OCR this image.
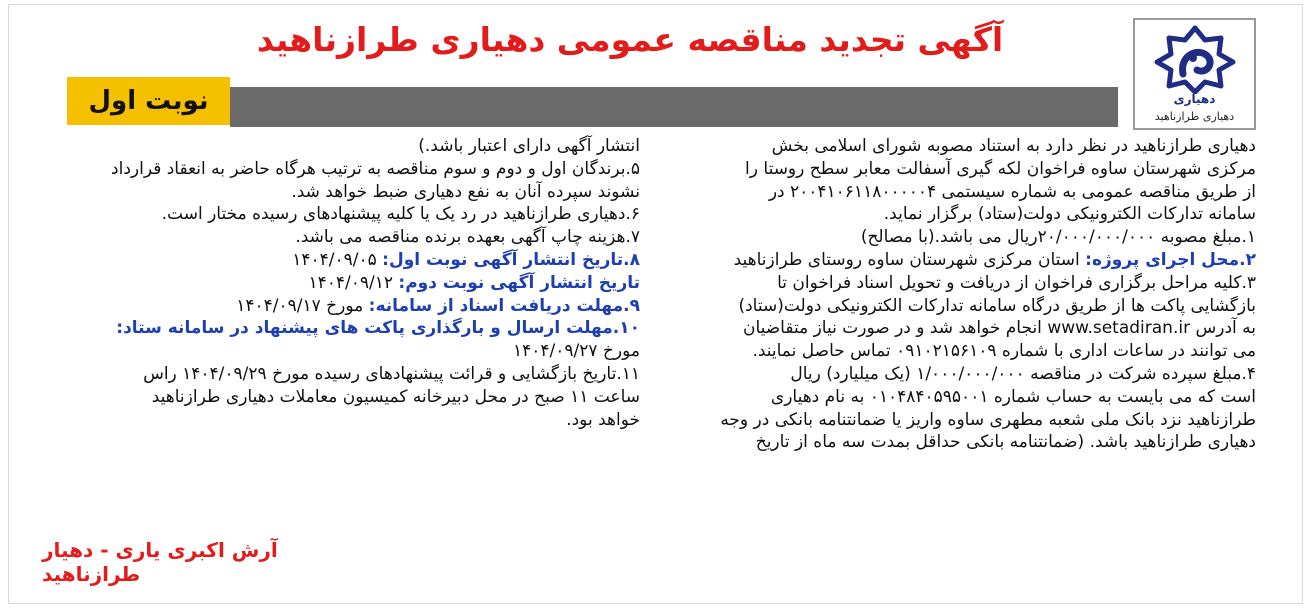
دهیاری
دهیاری طرازناهید
آگهی تجدید مناقصه عمومی دهیاری طرازناهید
نوبت اول
دهیاری طرازناهید در نظر دارد به استناد مصوبه شورای اسلامی بخش
مرکزی شهرستان ساوه فراخوان لکه گیری آسفالت معابر سطح روستا را
از طریق مناقصه عمومی به شماره سیستمی ۲۰۰۴۱۰۶۱۱۸۰۰۰۰۰۴ در
سامانه تدارکات الکترونیکی دولت(ستاد) برگزار نماید.
۱.مبلغ مصوبه ۲۰/۰۰۰/۰۰۰/۰۰۰ریال می باشد.(با مصالح)
۲.محل اجرای پروژه: استان مرکزی شهرستان ساوه روستای طرازناهید
۳.کلیه مراحل برگزاری فراخوان از دریافت و تحویل اسناد فراخوان تا
بازگشایی پاکت ها از طریق درگاه سامانه تدارکات الکترونیکی دولت(ستاد)
به آدرس www.setadiran.ir انجام خواهد شد و در صورت نیاز متقاضیان
می توانند در ساعات اداری با شماره ۰۹۱۰۲۱۵۶۱۰۹ تماس حاصل نمایند.
۴.مبلغ سپرده شرکت در مناقصه ۱/۰۰۰/۰۰۰/۰۰۰ (یک میلیارد) ریال
است که می بایست به حساب شماره ۰۱۰۴۸۴۰۵۹۵۰۰۱ به نام دهیاری
طرازناهید نزد بانک ملی شعبه مطهری ساوه واریز یا ضمانتنامه بانکی در وجه
دهیاری طرازناهید باشد. (ضمانتنامه بانکی حداقل بمدت سه ماه از تاریخ
انتشار آگهی دارای اعتبار باشد.)
۵.برندگان اول و دوم و سوم مناقصه به ترتیب هرگاه حاضر به انعقاد قرارداد
نشوند سپرده آنان به نفع دهیاری ضبط خواهد شد.
۶.دهیاری طرازناهید در رد یک یا کلیه پیشنهادهای رسیده مختار است.
۷.هزینه چاپ آگهی بعهده برنده مناقصه می باشد.
۸.تاریخ انتشار آگهی نوبت اول: ۱۴۰۴/۰۹/۰۵
تاریخ انتشار آگهی نوبت دوم: ۱۴۰۴/۰۹/۱۲
۹.مهلت دریافت اسناد از سامانه: مورخ ۱۴۰۴/۰۹/۱۷
۱۰.مهلت ارسال و بارگذاری پاکت های پیشنهاد در سامانه ستاد:
مورخ ۱۴۰۴/۰۹/۲۷
۱۱.تاریخ بازگشایی و قرائت پیشنهادهای رسیده مورخ ۱۴۰۴/۰۹/۲۹ راس
ساعت ۱۱ صبح در محل دبیرخانه کمیسیون معاملات دهیاری طرازناهید
خواهد بود.
آرش اکبری یاری - دهیار طرازناهید
